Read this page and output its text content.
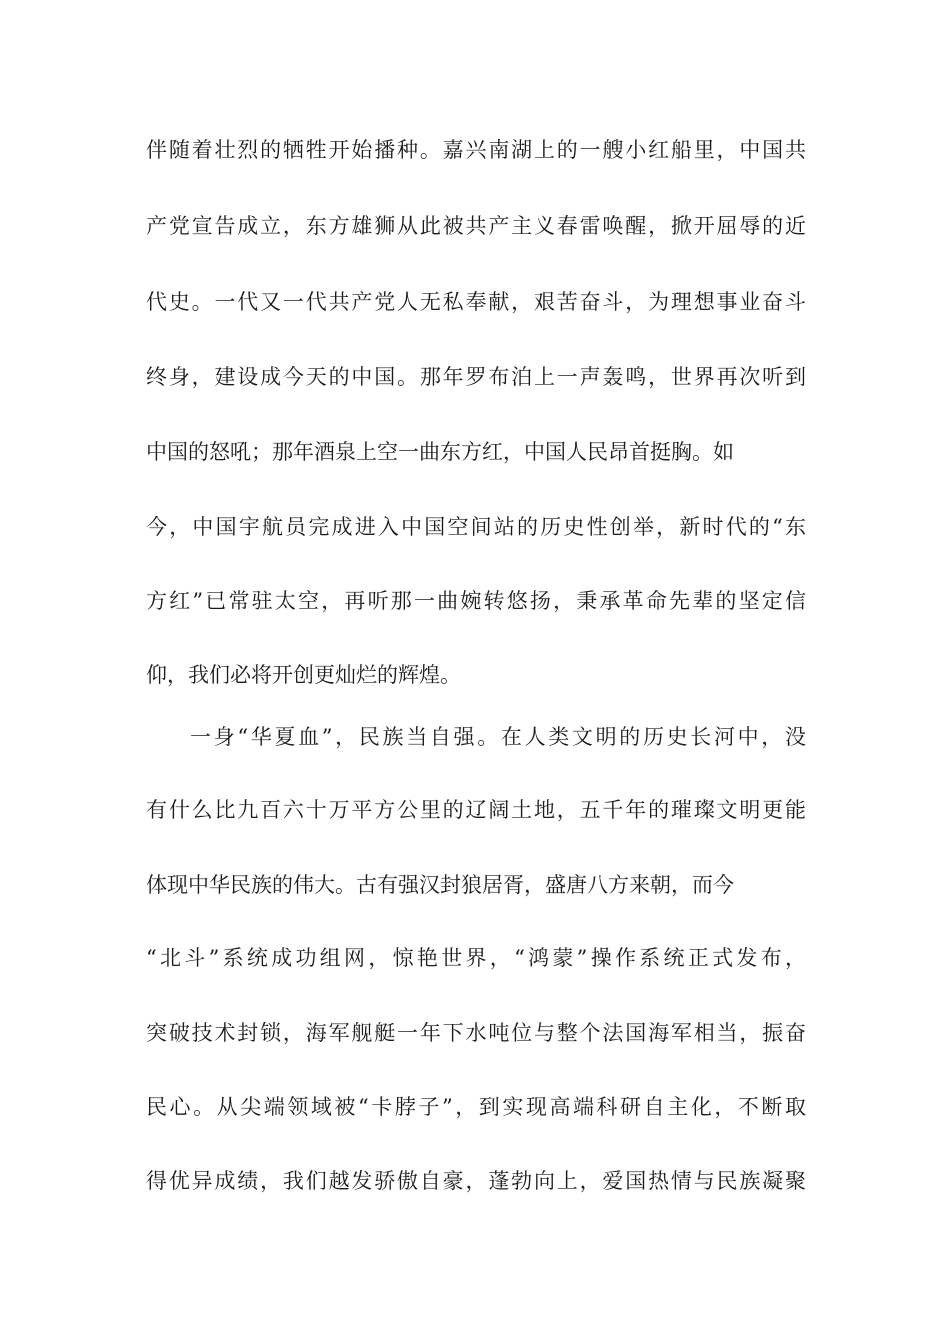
伴随着壮烈的牺牲开始播种。嘉兴南湖上的一艘小红船里，中国共
产党宣告成立，东方雄狮从此被共产主义春雷唤醒，掀开屈辱的近
代史。一代又一代共产党人无私奉献，艰苦奋斗，为理想事业奋斗
终身，建设成今天的中国。那年罗布泊上一声轰鸣，世界再次听到
中国的怒吼；那年酒泉上空一曲东方红，中国人民昂首挺胸。如
今，中国宇航员完成进入中国空间站的历史性创举，新时代的“东
方红”已常驻太空，再听那一曲婉转悠扬，秉承革命先辈的坚定信
仰，我们必将开创更灿烂的辉煌。
一身“华夏血”，民族当自强。在人类文明的历史长河中，没
有什么比九百六十万平方公里的辽阔土地，五千年的璀璨文明更能
体现中华民族的伟大。古有强汉封狼居胥，盛唐八方来朝，而今
“北斗”系统成功组网，惊艳世界，“鸿蒙”操作系统正式发布，
突破技术封锁，海军舰艇一年下水吨位与整个法国海军相当，振奋
民心。从尖端领域被“卡脖子”，到实现高端科研自主化，不断取
得优异成绩，我们越发骄傲自豪，蓬勃向上，爱国热情与民族凝聚
